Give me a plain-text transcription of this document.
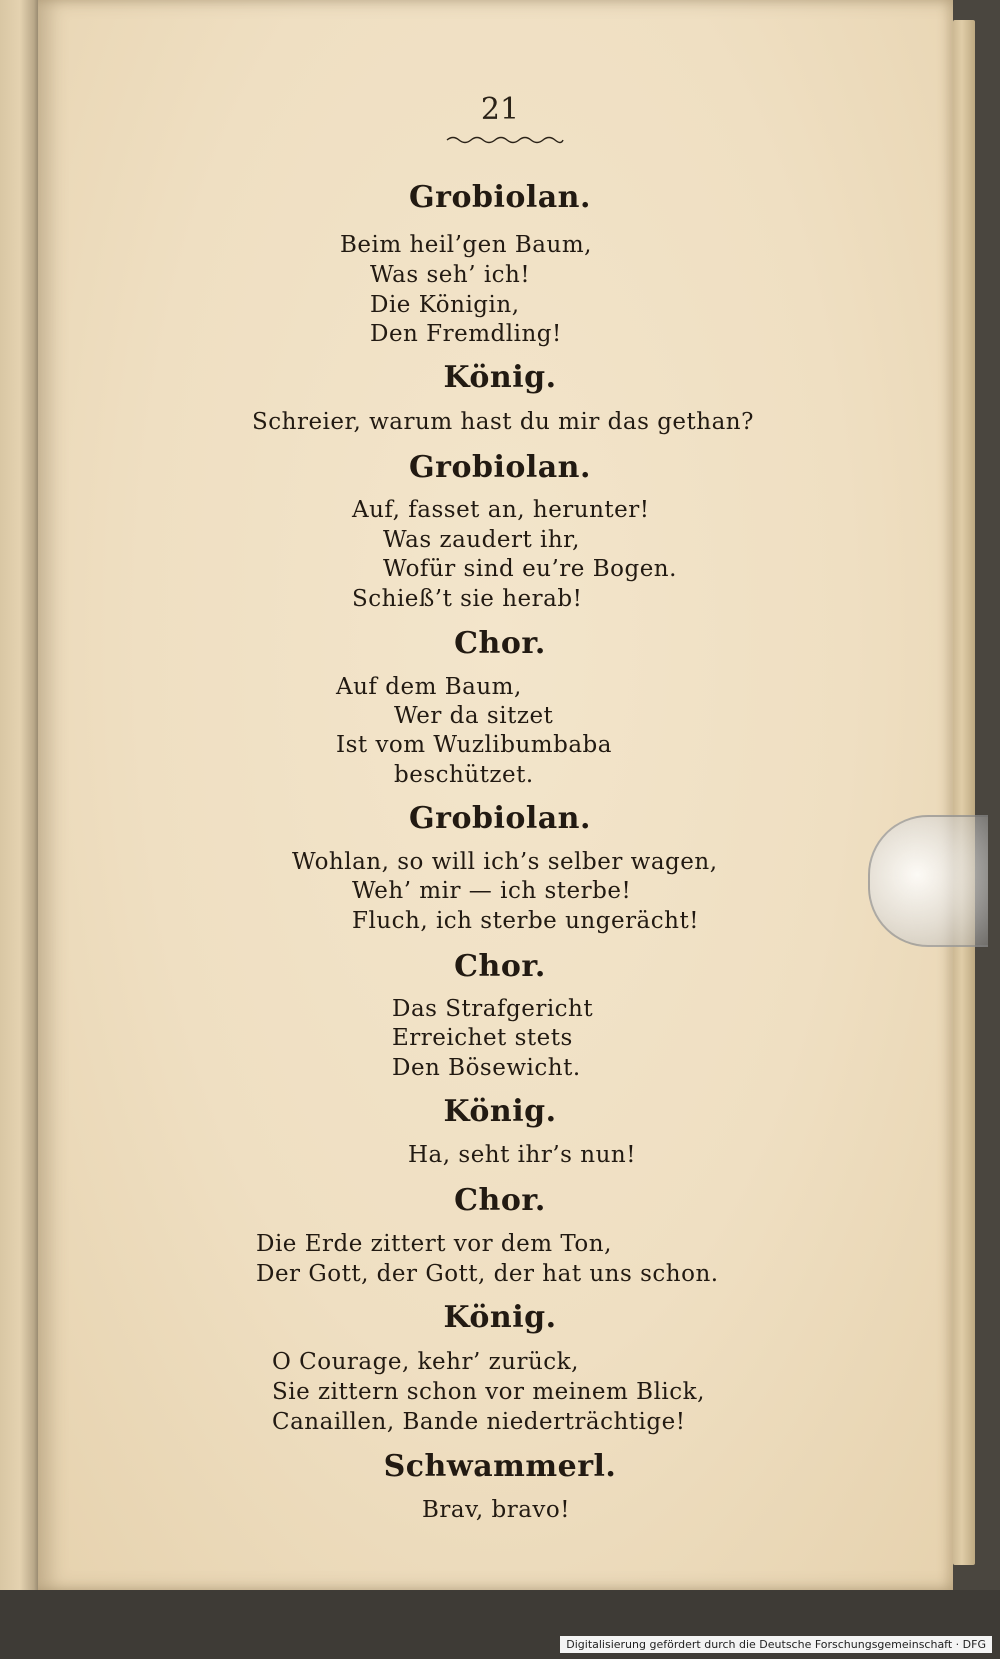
21
Grobiolan.
Beim heil’gen Baum,
Was seh’ ich!
Die Königin,
Den Fremdling!
König.
Schreier, warum hast du mir das gethan?
Grobiolan.
Auf, fasset an, herunter!
Was zaudert ihr,
Wofür sind eu’re Bogen.
Schieß’t sie herab!
Chor.
Auf dem Baum,
Wer da sitzet
Ist vom Wuzlibumbaba
beschützet.
Grobiolan.
Wohlan, so will ich’s selber wagen,
Weh’ mir — ich sterbe!
Fluch, ich sterbe ungerächt!
Chor.
Das Strafgericht
Erreichet stets
Den Bösewicht.
König.
Ha, seht ihr’s nun!
Chor.
Die Erde zittert vor dem Ton,
Der Gott, der Gott, der hat uns schon.
König.
O Courage, kehr’ zurück,
Sie zittern schon vor meinem Blick,
Canaillen, Bande niederträchtige!
Schwammerl.
Brav, bravo!
Digitalisierung gefördert durch die Deutsche Forschungsgemeinschaft · DFG
